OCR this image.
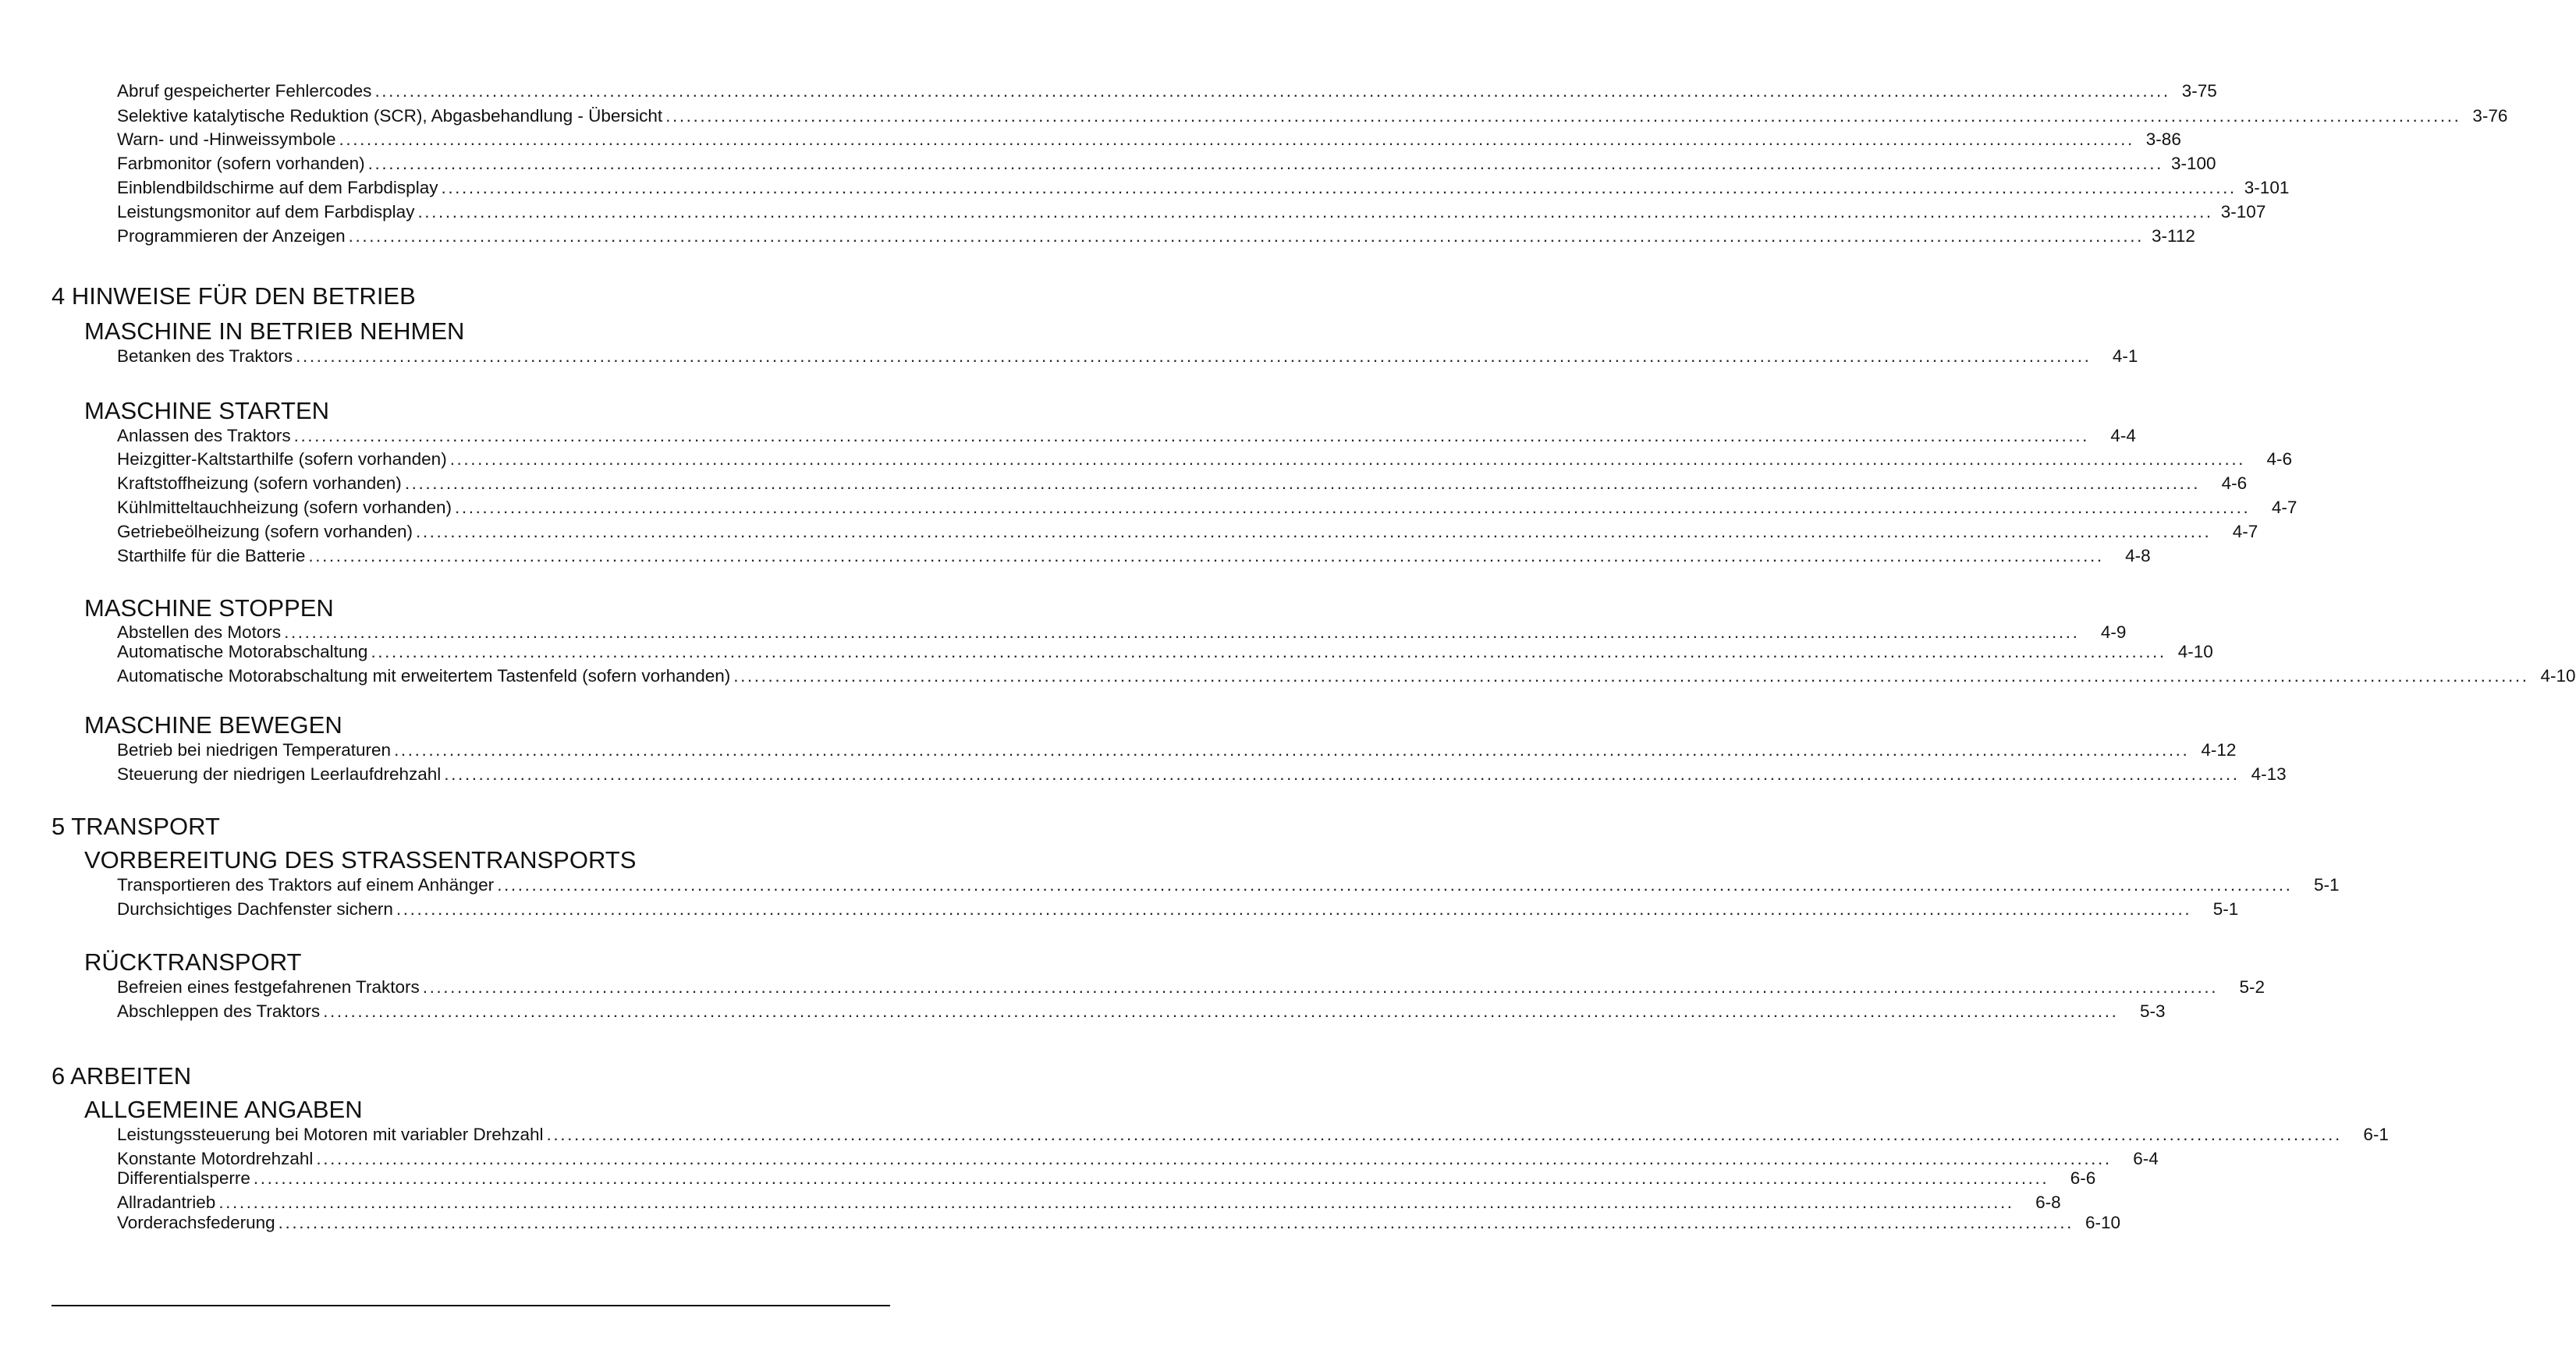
Abruf gespeicherter Fehlercodes .................................................................................................................................................................................................................................................................... 3-75
Selektive katalytische Reduktion (SCR), Abgasbehandlung - Übersicht .................................................................................................................................................................................................................................................................... 3-76
Warn- und -Hinweissymbole .................................................................................................................................................................................................................................................................... 3-86
Farbmonitor (sofern vorhanden) .................................................................................................................................................................................................................................................................... 3-100
Einblendbildschirme auf dem Farbdisplay .................................................................................................................................................................................................................................................................... 3-101
Leistungsmonitor auf dem Farbdisplay .................................................................................................................................................................................................................................................................... 3-107
Programmieren der Anzeigen .................................................................................................................................................................................................................................................................... 3-112
4 HINWEISE FÜR DEN BETRIEB
MASCHINE IN BETRIEB NEHMEN
Betanken des Traktors ....................................................................................................................................................................................................................................................................	4-1
MASCHINE STARTEN
Anlassen des Traktors ....................................................................................................................................................................................................................................................................	4-4
Heizgitter-Kaltstarthilfe (sofern vorhanden) ....................................................................................................................................................................................................................................................................	4-6
Kraftstoffheizung (sofern vorhanden) ....................................................................................................................................................................................................................................................................	4-6
Kühlmitteltauchheizung (sofern vorhanden) ....................................................................................................................................................................................................................................................................	4-7
Getriebeölheizung (sofern vorhanden) ....................................................................................................................................................................................................................................................................	4-7
Starthilfe für die Batterie ....................................................................................................................................................................................................................................................................	4-8
MASCHINE STOPPEN
Abstellen des Motors ....................................................................................................................................................................................................................................................................	4-9
Automatische Motorabschaltung .................................................................................................................................................................................................................................................................... 4-10
Automatische Motorabschaltung mit erweitertem Tastenfeld (sofern vorhanden) .................................................................................................................................................................................................................................................................... 4-10
MASCHINE BEWEGEN
Betrieb bei niedrigen Temperaturen .................................................................................................................................................................................................................................................................... 4-12
Steuerung der niedrigen Leerlaufdrehzahl .................................................................................................................................................................................................................................................................... 4-13
5 TRANSPORT
VORBEREITUNG DES STRASSENTRANSPORTS
Transportieren des Traktors auf einem Anhänger ....................................................................................................................................................................................................................................................................	5-1
Durchsichtiges Dachfenster sichern ....................................................................................................................................................................................................................................................................	5-1
RÜCKTRANSPORT
Befreien eines festgefahrenen Traktors ....................................................................................................................................................................................................................................................................	5-2
Abschleppen des Traktors ....................................................................................................................................................................................................................................................................	5-3
6 ARBEITEN
ALLGEMEINE ANGABEN
Leistungssteuerung bei Motoren mit variabler Drehzahl ....................................................................................................................................................................................................................................................................	6-1
Konstante Motordrehzahl ....................................................................................................................................................................................................................................................................	6-4
Differentialsperre ....................................................................................................................................................................................................................................................................	6-6
Allradantrieb ....................................................................................................................................................................................................................................................................	6-8
Vorderachsfederung .................................................................................................................................................................................................................................................................... 6-10
